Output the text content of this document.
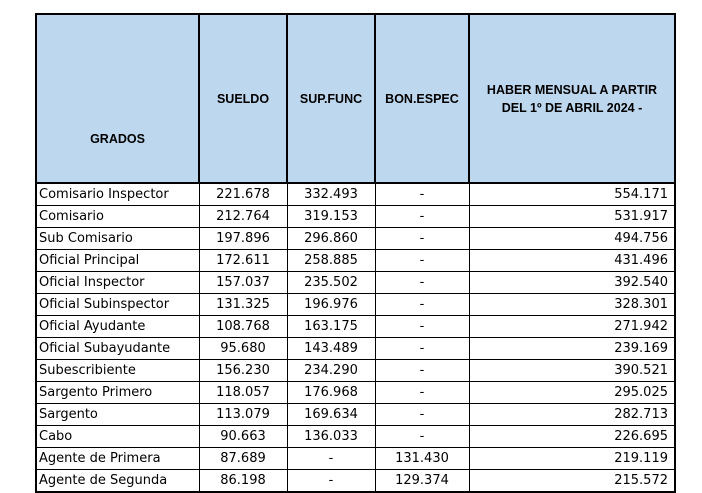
GRADOS	SUELDO	SUP.FUNC	BON.ESPEC	HABER MENSUAL A PARTIR DEL 1º DE ABRIL 2024 -
Comisario Inspector	221.678	332.493	-	554.171
Comisario	212.764	319.153	-	531.917
Sub Comisario	197.896	296.860	-	494.756
Oficial Principal	172.611	258.885	-	431.496
Oficial Inspector	157.037	235.502	-	392.540
Oficial Subinspector	131.325	196.976	-	328.301
Oficial Ayudante	108.768	163.175	-	271.942
Oficial Subayudante	95.680	143.489	-	239.169
Subescribiente	156.230	234.290	-	390.521
Sargento Primero	118.057	176.968	-	295.025
Sargento	113.079	169.634	-	282.713
Cabo	90.663	136.033	-	226.695
Agente de Primera	87.689	-	131.430	219.119
Agente de Segunda	86.198	-	129.374	215.572
